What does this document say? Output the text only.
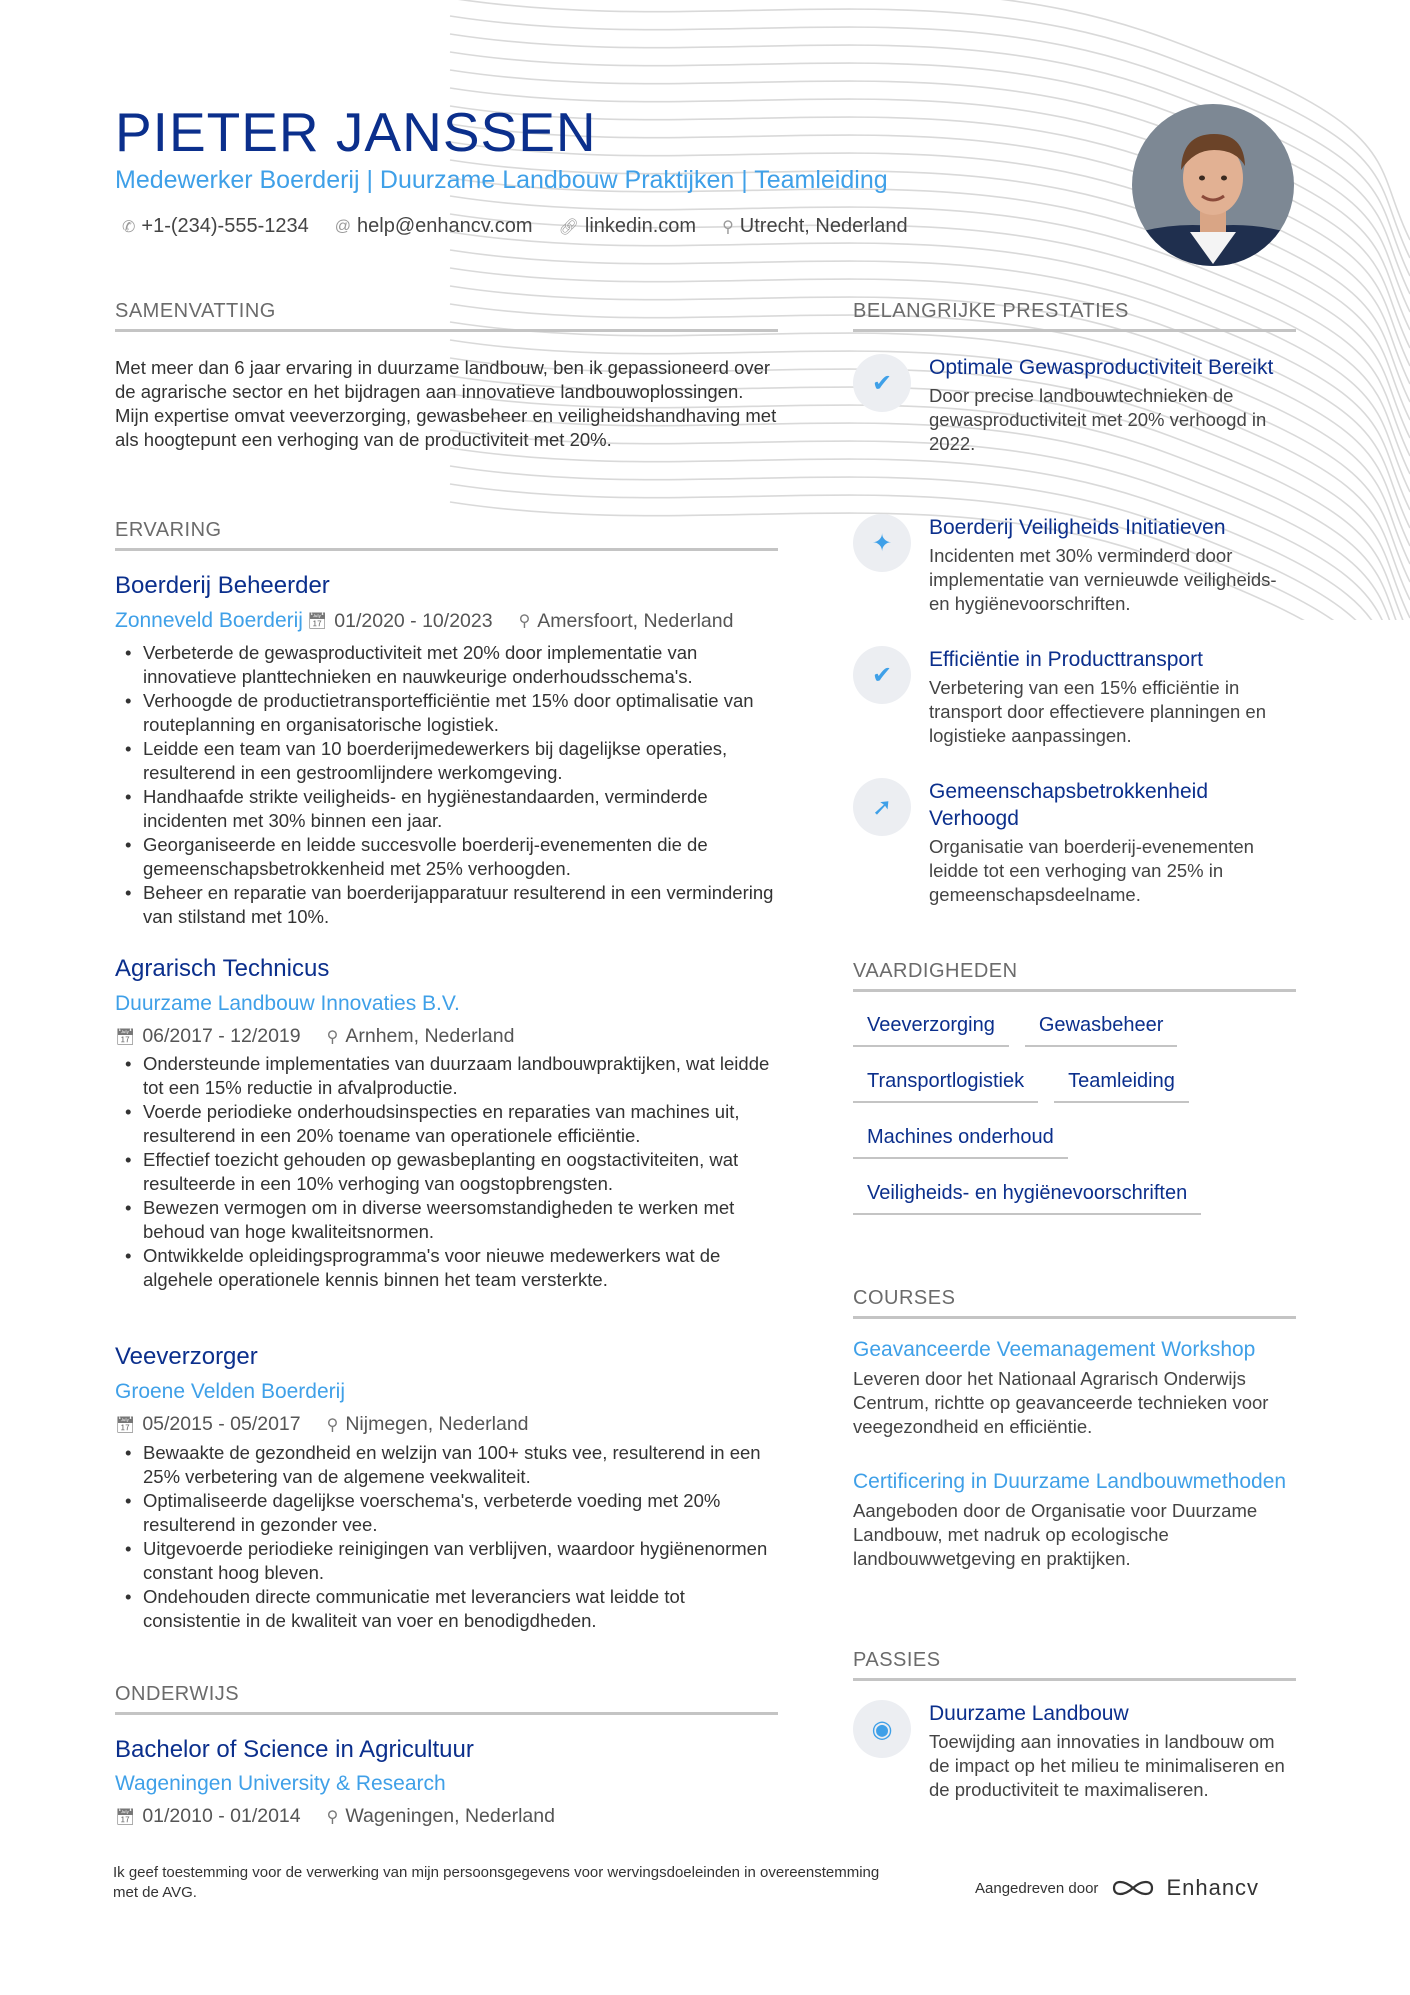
PIETER JANSSEN
Medewerker Boerderij | Duurzame Landbouw Praktijken | Teamleiding
✆ +1-(234)-555-1234 @ help@enhancv.com 🔗︎ linkedin.com ⚲ Utrecht, Nederland
SAMENVATTING
Met meer dan 6 jaar ervaring in duurzame landbouw, ben ik gepassioneerd over de agrarische sector en het bijdragen aan innovatieve landbouwoplossingen. Mijn expertise omvat veeverzorging, gewasbeheer en veiligheidshandhaving met als hoogtepunt een verhoging van de productiviteit met 20%.
ERVARING
Boerderij Beheerder
Zonneveld Boerderij 📅︎ 01/2020 - 10/2023 ⚲ Amersfoort, Nederland
• Verbeterde de gewasproductiviteit met 20% door implementatie van innovatieve planttechnieken en nauwkeurige onderhoudsschema's.
• Verhoogde de productietransportefficiëntie met 15% door optimalisatie van routeplanning en organisatorische logistiek.
• Leidde een team van 10 boerderijmedewerkers bij dagelijkse operaties, resulterend in een gestroomlijndere werkomgeving.
• Handhaafde strikte veiligheids- en hygiënestandaarden, verminderde incidenten met 30% binnen een jaar.
• Georganiseerde en leidde succesvolle boerderij-evenementen die de gemeenschapsbetrokkenheid met 25% verhoogden.
• Beheer en reparatie van boerderijapparatuur resulterend in een vermindering van stilstand met 10%.
Agrarisch Technicus
Duurzame Landbouw Innovaties B.V.
📅︎ 06/2017 - 12/2019 ⚲ Arnhem, Nederland
• Ondersteunde implementaties van duurzaam landbouwpraktijken, wat leidde tot een 15% reductie in afvalproductie.
• Voerde periodieke onderhoudsinspecties en reparaties van machines uit, resulterend in een 20% toename van operationele efficiëntie.
• Effectief toezicht gehouden op gewasbeplanting en oogstactiviteiten, wat resulteerde in een 10% verhoging van oogstopbrengsten.
• Bewezen vermogen om in diverse weersomstandigheden te werken met behoud van hoge kwaliteitsnormen.
• Ontwikkelde opleidingsprogramma's voor nieuwe medewerkers wat de algehele operationele kennis binnen het team versterkte.
Veeverzorger
Groene Velden Boerderij
📅︎ 05/2015 - 05/2017 ⚲ Nijmegen, Nederland
• Bewaakte de gezondheid en welzijn van 100+ stuks vee, resulterend in een 25% verbetering van de algemene veekwaliteit.
• Optimaliseerde dagelijkse voerschema's, verbeterde voeding met 20% resulterend in gezonder vee.
• Uitgevoerde periodieke reinigingen van verblijven, waardoor hygiënenormen constant hoog bleven.
• Ondehouden directe communicatie met leveranciers wat leidde tot consistentie in de kwaliteit van voer en benodigdheden.
ONDERWIJS
Bachelor of Science in Agricultuur
Wageningen University & Research
📅︎ 01/2010 - 01/2014 ⚲ Wageningen, Nederland
BELANGRIJKE PRESTATIES
✔
Optimale Gewasproductiviteit Bereikt
Door precise landbouwtechnieken de gewasproductiviteit met 20% verhoogd in 2022.
✦
Boerderij Veiligheids Initiatieven
Incidenten met 30% verminderd door implementatie van vernieuwde veiligheids- en hygiënevoorschriften.
✔
Efficiëntie in Producttransport
Verbetering van een 15% efficiëntie in transport door effectievere planningen en logistieke aanpassingen.
➚
Gemeenschapsbetrokkenheid Verhoogd
Organisatie van boerderij-evenementen leidde tot een verhoging van 25% in gemeenschapsdeelname.
VAARDIGHEDEN
Veeverzorging	Gewasbeheer
Transportlogistiek	Teamleiding
Machines onderhoud
Veiligheids- en hygiënevoorschriften
COURSES
Geavanceerde Veemanagement Workshop
Leveren door het Nationaal Agrarisch Onderwijs Centrum, richtte op geavanceerde technieken voor veegezondheid en efficiëntie.
Certificering in Duurzame Landbouwmethoden
Aangeboden door de Organisatie voor Duurzame Landbouw, met nadruk op ecologische landbouwwetgeving en praktijken.
PASSIES
◉
Duurzame Landbouw
Toewijding aan innovaties in landbouw om de impact op het milieu te minimaliseren en de productiviteit te maximaliseren.
Ik geef toestemming voor de verwerking van mijn persoonsgegevens voor wervingsdoeleinden in overeenstemming met de AVG.	Aangedreven door	Enhancv
